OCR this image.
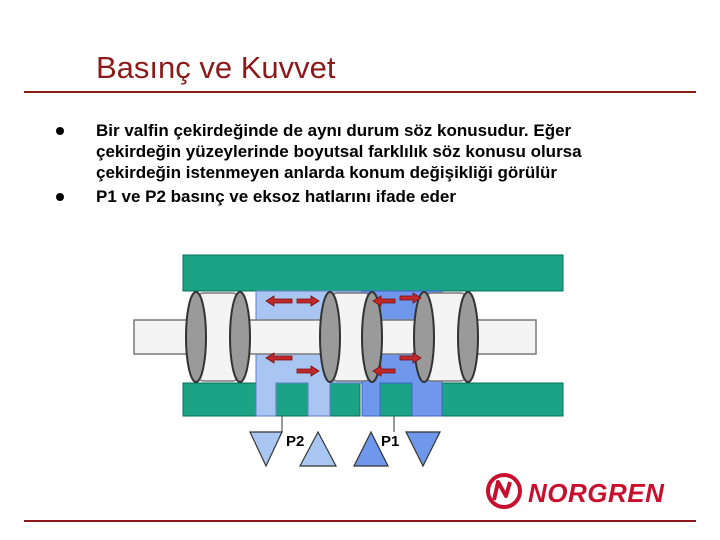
Basınç ve Kuvvet
Bir valfin çekirdeğinde de aynı durum söz konusudur. Eğer çekirdeğin yüzeylerinde boyutsal farklılık söz konusu olursa çekirdeğin istenmeyen anlarda konum değişikliği görülür
P1 ve P2 basınç ve eksoz hatlarını ifade eder
P2	P1
NORGREN
